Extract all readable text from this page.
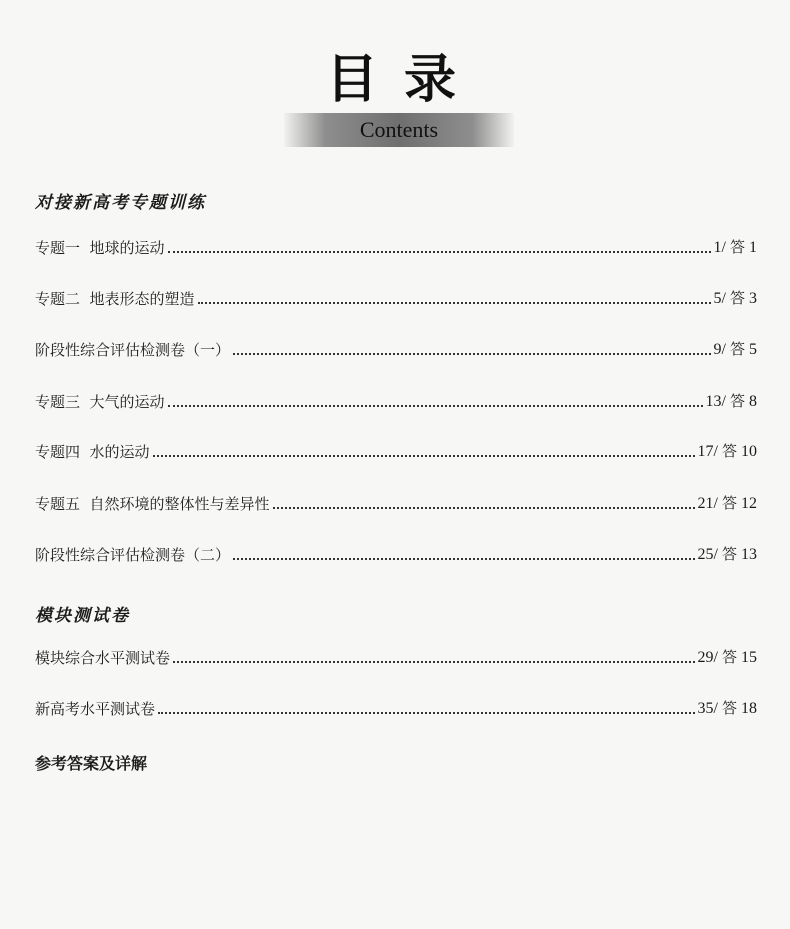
目录
Contents
对接新高考专题训练
专题一  地球的运动	1/ 答 1
专题二  地表形态的塑造	5/ 答 3
阶段性综合评估检测卷（一）	9/ 答 5
专题三  大气的运动	13/ 答 8
专题四  水的运动	17/ 答 10
专题五  自然环境的整体性与差异性	21/ 答 12
阶段性综合评估检测卷（二）	25/ 答 13
模块测试卷
模块综合水平测试卷	29/ 答 15
新高考水平测试卷	35/ 答 18
参考答案及详解
